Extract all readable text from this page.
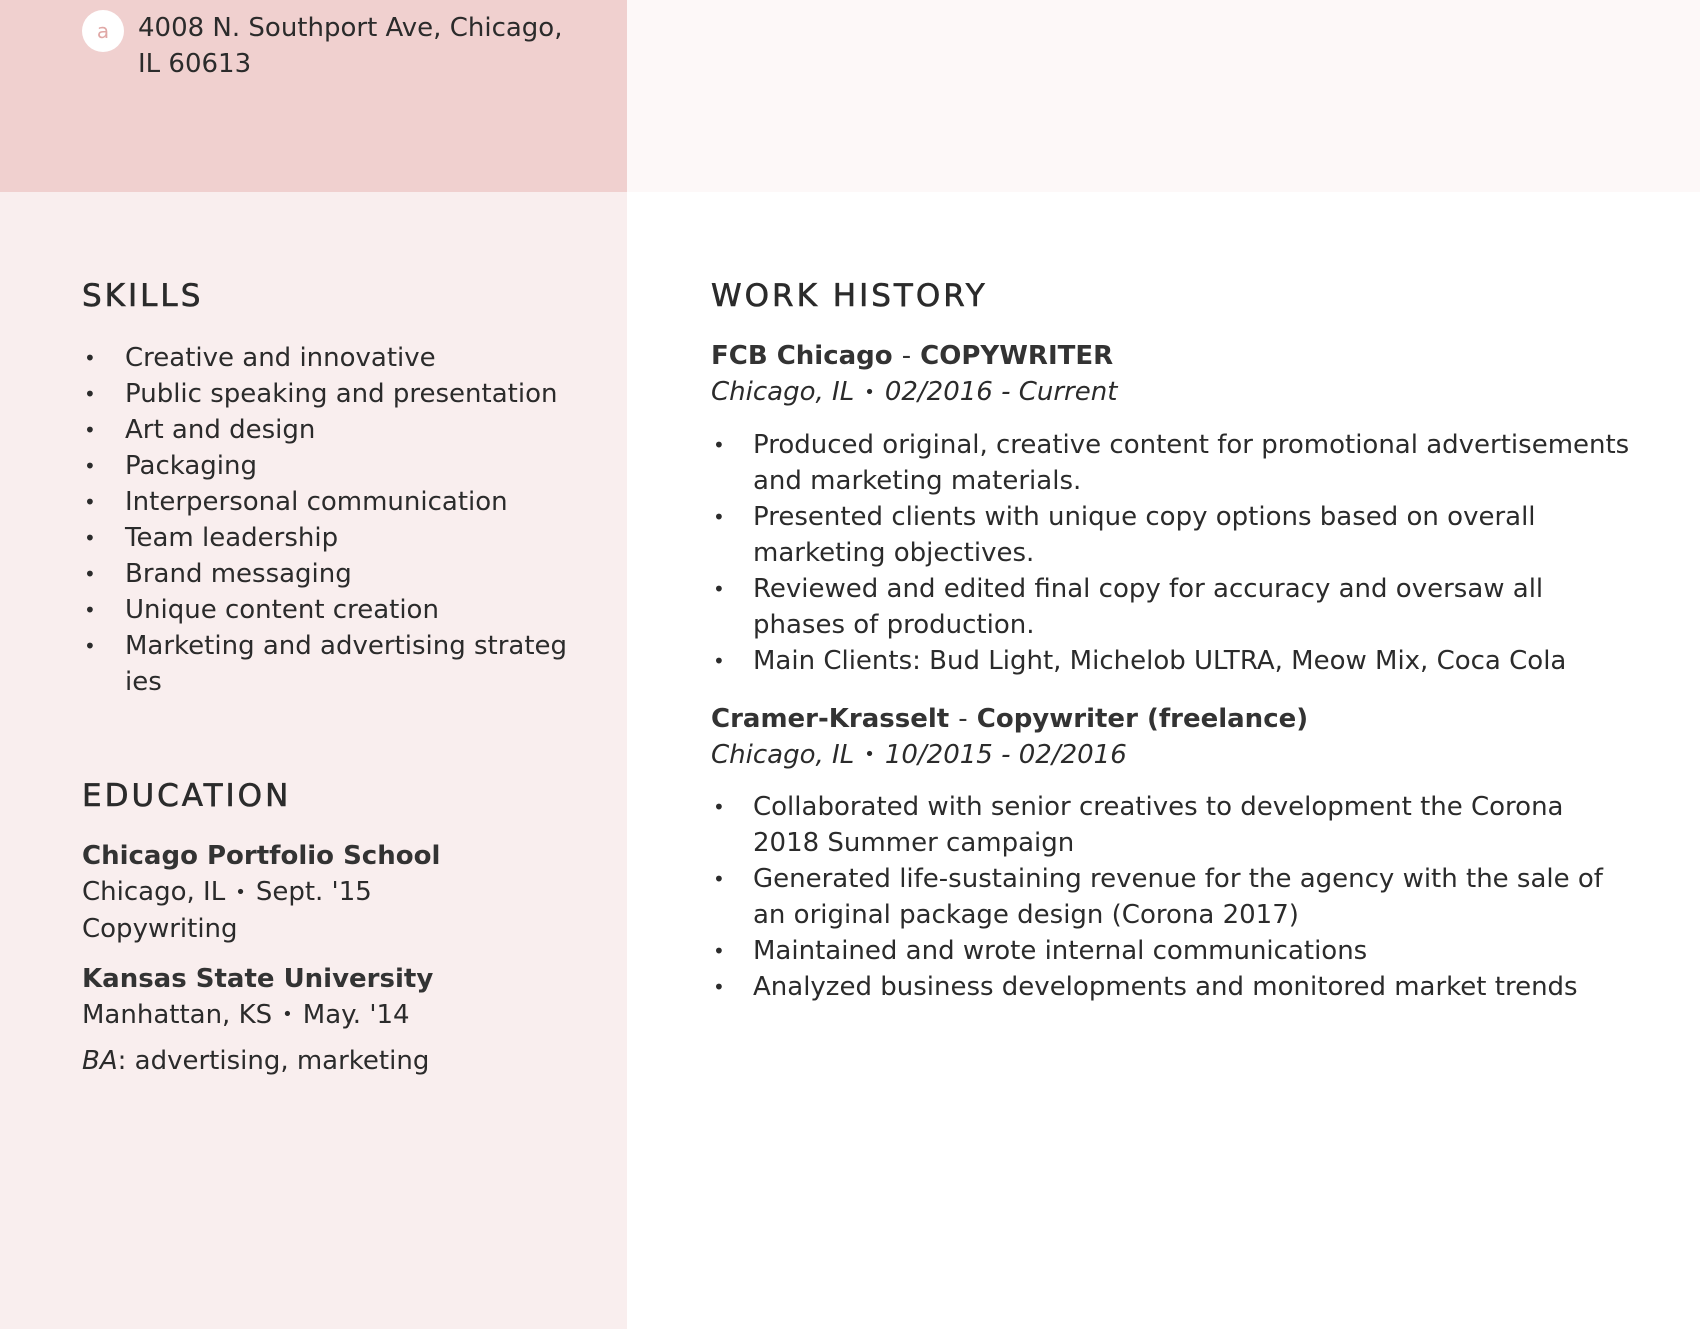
a	4008 N. Southport Ave, Chicago,
IL 60613
SKILLS
• Creative and innovative
• Public speaking and presentation
• Art and design
• Packaging
• Interpersonal communication
• Team leadership
• Brand messaging
• Unique content creation
• Marketing and advertising strateg ies
EDUCATION
Chicago Portfolio School
Chicago, IL • Sept. '15
Copywriting
Kansas State University
Manhattan, KS • May. '14
BA: advertising, marketing
WORK HISTORY
FCB Chicago - COPYWRITER
Chicago, IL • 02/2016 - Current
• Produced original, creative content for promotional advertisements and marketing materials.
• Presented clients with unique copy options based on overall marketing objectives.
• Reviewed and edited final copy for accuracy and oversaw all phases of production.
• Main Clients: Bud Light, Michelob ULTRA, Meow Mix, Coca Cola
Cramer-Krasselt - Copywriter (freelance)
Chicago, IL • 10/2015 - 02/2016
• Collaborated with senior creatives to development the Corona 2018 Summer campaign
• Generated life-sustaining revenue for the agency with the sale of an original package design (Corona 2017)
• Maintained and wrote internal communications
• Analyzed business developments and monitored market trends
